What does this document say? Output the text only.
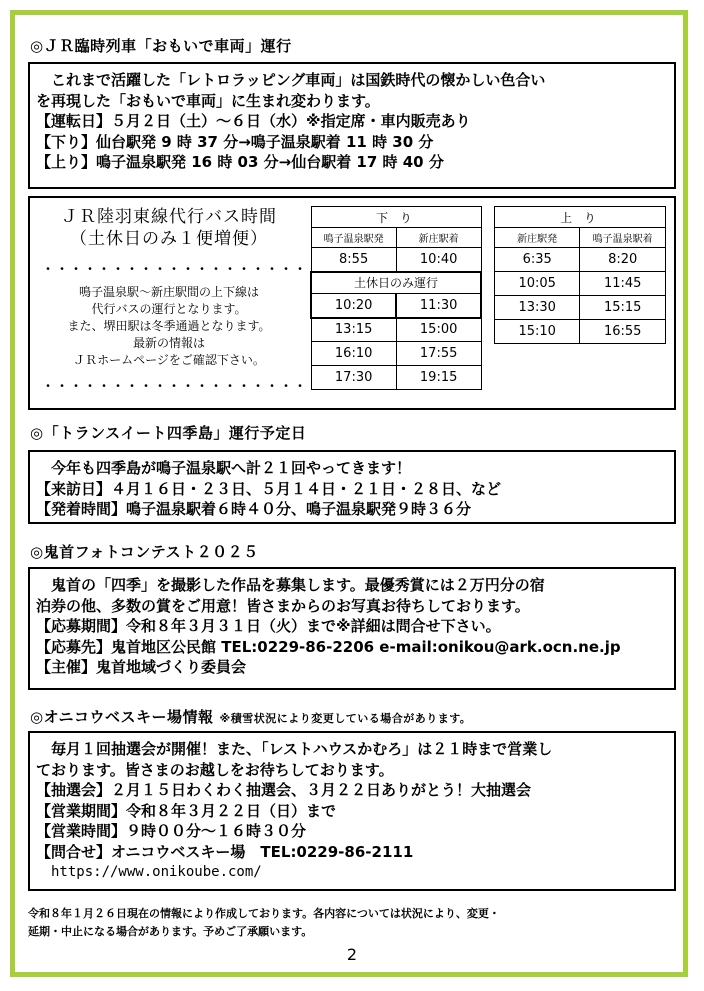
◎ＪＲ臨時列車「おもいで車両」運行

これまで活躍した「レトロラッピング車両」は国鉄時代の懐かしい色合い

を再現した「おもいで車両」に生まれ変わります。

【運転日】５月２日（土）～６日（水）※指定席・車内販売あり

【下り】仙台駅発 9 時 37 分→鳴子温泉駅着 11 時 30 分

【上り】鳴子温泉駅発 16 時 03 分→仙台駅着 17 時 40 分

ＪＲ陸羽東線代行バス時間
（土休日のみ１便増便）
・・・・・・・・・・・・・・・・・・・
鳴子温泉駅～新庄駅間の上下線は
代行バスの運行となります。
また、堺田駅は冬季通過となります。
最新の情報は
ＪＲホームページをご確認下さい。
・・・・・・・・・・・・・・・・・・・
下 り	
鳴子温泉駅発	新庄駅着
8:55	10:40
土休日のみ運行	
10:20	11:30
13:15	15:00
16:10	17:55
17:30	19:15
上 り	
新庄駅発	鳴子温泉駅着
6:35	8:20
10:05	11:45
13:30	15:15
15:10	16:55
◎「トランスイート四季島」運行予定日

今年も四季島が鳴子温泉駅へ計２１回やってきます！

【来訪日】４月１６日・２３日、５月１４日・２１日・２８日、など

【発着時間】鳴子温泉駅着６時４０分、鳴子温泉駅発９時３６分

◎鬼首フォトコンテスト２０２５

鬼首の「四季」を撮影した作品を募集します。最優秀賞には２万円分の宿

泊券の他、多数の賞をご用意！皆さまからのお写真お待ちしております。

【応募期間】令和８年３月３１日（火）まで※詳細は問合せ下さい。

【応募先】鬼首地区公民館 TEL:0229-86-2206 e-mail:onikou@ark.ocn.ne.jp

【主催】鬼首地域づくり委員会

◎オニコウベスキー場情報 ※積雪状況により変更している場合があります。

毎月１回抽選会が開催！また、「レストハウスかむろ」は２１時まで営業し

ております。皆さまのお越しをお待ちしております。

【抽選会】２月１５日わくわく抽選会、３月２２日ありがとう！大抽選会

【営業期間】令和８年３月２２日（日）まで

【営業時間】９時００分～１６時３０分

【問合せ】オニコウベスキー場　TEL:0229-86-2111

https://www.onikoube.com/

令和８年１月２６日現在の情報により作成しております。各内容については状況により、変更・
延期・中止になる場合があります。予めご了承願います。
2
